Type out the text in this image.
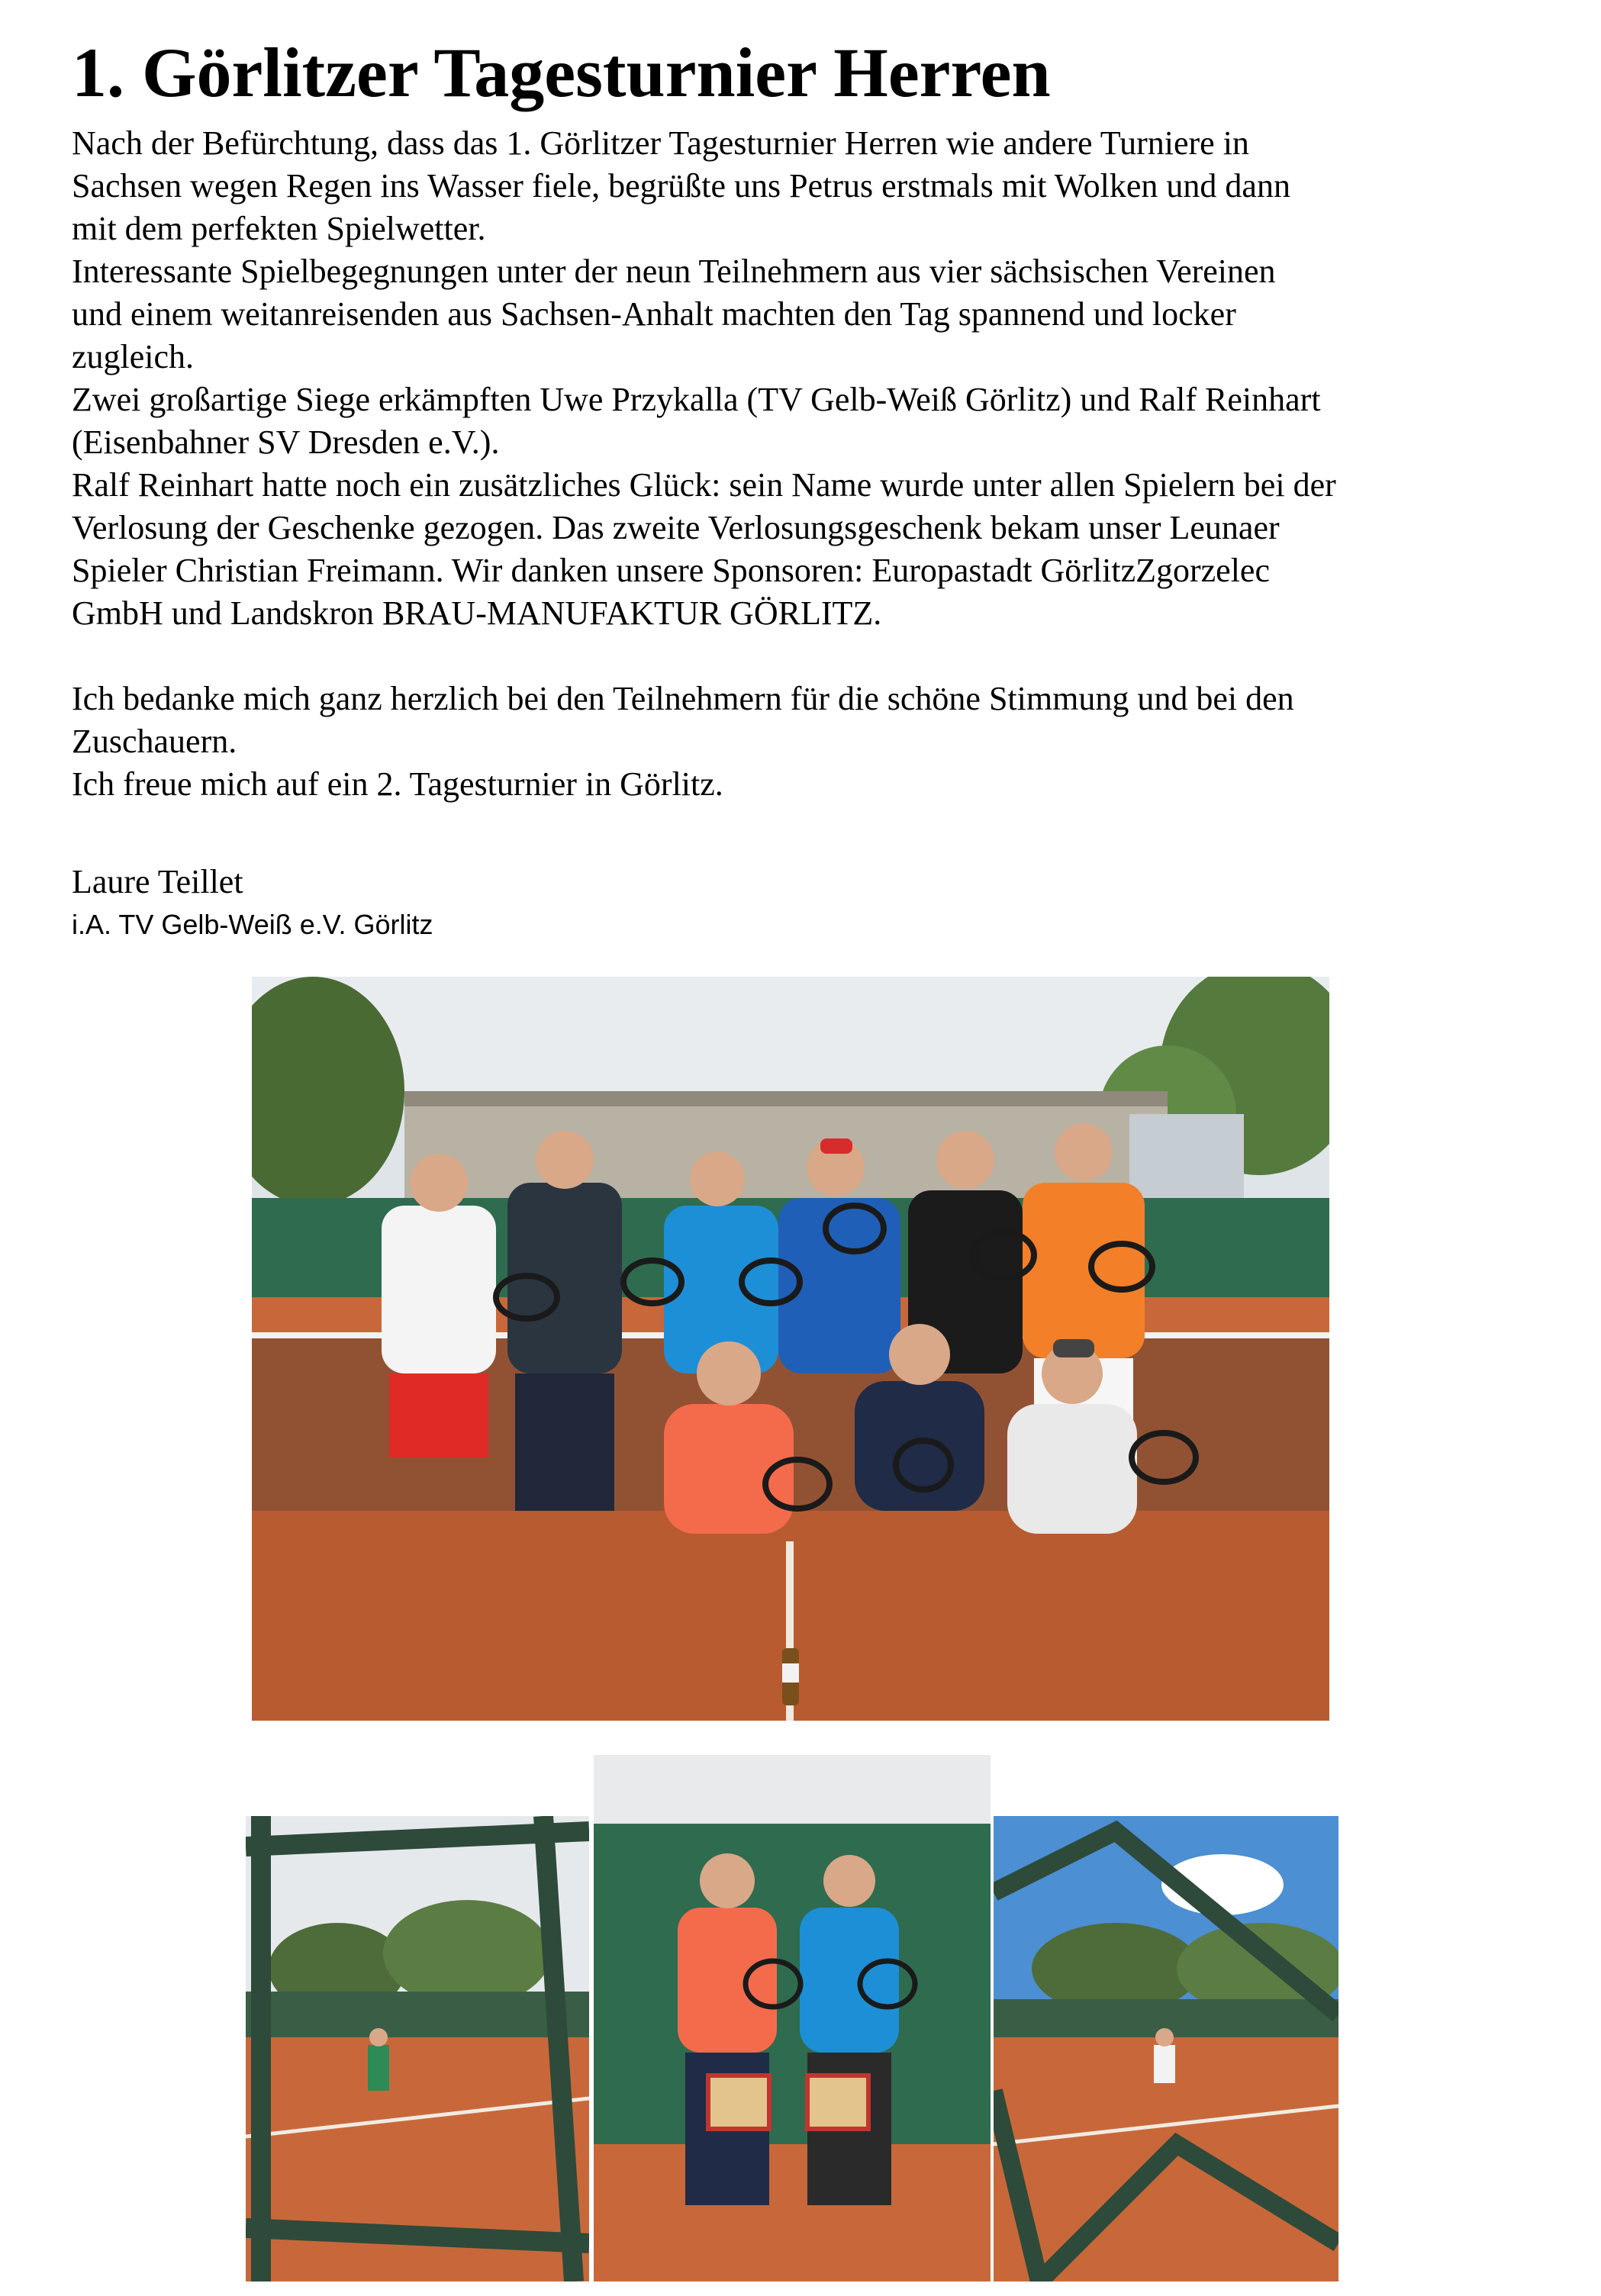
1. Görlitzer Tagesturnier Herren
Nach der Befürchtung, dass das 1. Görlitzer Tagesturnier Herren wie andere Turniere in
Sachsen wegen Regen ins Wasser fiele, begrüßte uns Petrus erstmals mit Wolken und dann
mit dem perfekten Spielwetter.
Interessante Spielbegegnungen unter der neun Teilnehmern aus vier sächsischen Vereinen
und einem weitanreisenden aus Sachsen-Anhalt machten den Tag spannend und locker
zugleich.
Zwei großartige Siege erkämpften Uwe Przykalla (TV Gelb-Weiß Görlitz) und Ralf Reinhart
(Eisenbahner SV Dresden e.V.).
Ralf Reinhart hatte noch ein zusätzliches Glück: sein Name wurde unter allen Spielern bei der
Verlosung der Geschenke gezogen. Das zweite Verlosungsgeschenk bekam unser Leunaer
Spieler Christian Freimann. Wir danken unsere Sponsoren: Europastadt GörlitzZgorzelec
GmbH und Landskron BRAU-MANUFAKTUR GÖRLITZ.
Ich bedanke mich ganz herzlich bei den Teilnehmern für die schöne Stimmung und bei den
Zuschauern.
Ich freue mich auf ein 2. Tagesturnier in Görlitz.
Laure Teillet
i.A. TV Gelb-Weiß e.V. Görlitz
